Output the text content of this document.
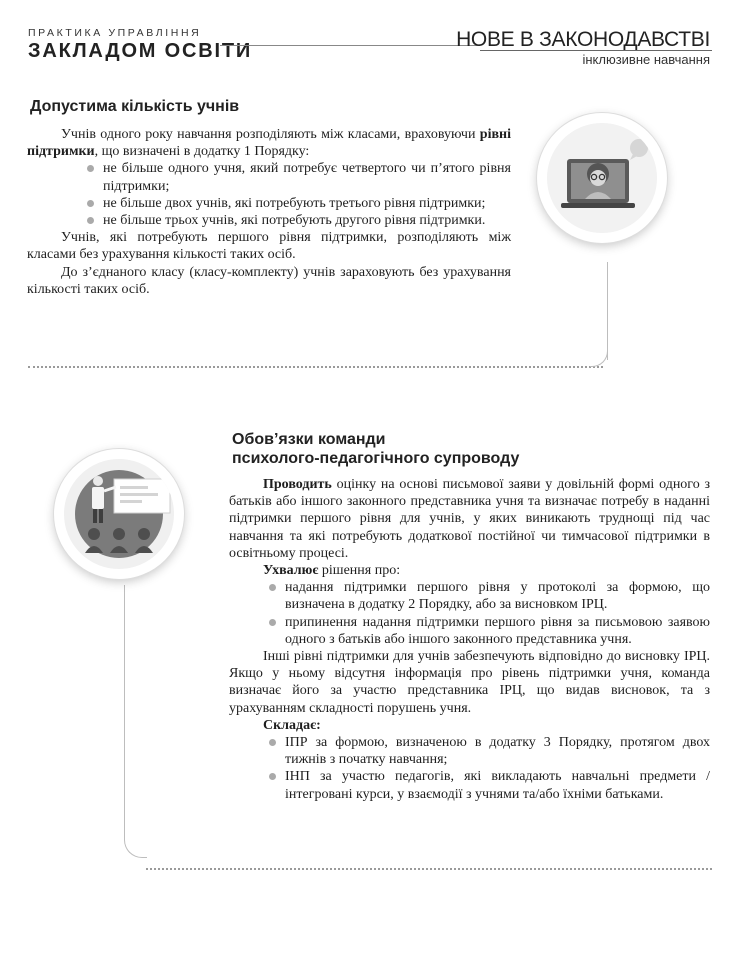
ПРАКТИКА УПРАВЛІННЯ
ЗАКЛАДОМ ОСВІТИ	НОВЕ В ЗАКОНОДАВСТВІ
інклюзивне навчання
Допустима кількість учнів

Учнів одного року навчання розподіляють між класами, враховуючи рівні підтримки, що визначені в додатку 1 Порядку:

не більше одного учня, який потребує четвертого чи п’ятого рівня підтримки;
не більше двох учнів, які потребують третього рівня підтримки;
не більше трьох учнів, які потребують другого рівня підтримки.

Учнів, які потребують першого рівня підтримки, розподіляють між класами без урахування кількості таких осіб.

До з’єднаного класу (класу-комплекту) учнів зараховують без урахування кількості таких осіб.

Обов’язки команди
психолого-педагогічного супроводу

Проводить оцінку на основі письмової заяви у довільній формі одного з батьків або іншого законного представника учня та визначає потребу в наданні підтримки першого рівня для учнів, у яких виникають труднощі під час навчання та які потребують додаткової постійної чи тимчасової підтримки в освітньому процесі.

Ухвалює рішення про:
надання підтримки першого рівня у протоколі за формою, що визначена в додатку 2 Порядку, або за висновком ІРЦ.
припинення надання підтримки першого рівня за письмовою заявою одного з батьків або іншого законного представника учня.

Інші рівні підтримки для учнів забезпечують відповідно до висновку ІРЦ. Якщо у ньому відсутня інформація про рівень підтримки учня, команда визначає його за участю представника ІРЦ, що видав висновок, та з урахуванням складності порушень учня.

Складає:
ІПР за формою, визначеною в додатку 3 Порядку, протягом двох тижнів з початку навчання;
ІНП за участю педагогів, які викладають навчальні предмети / інтегровані курси, у взаємодії з учнями та/або їхніми батьками.
